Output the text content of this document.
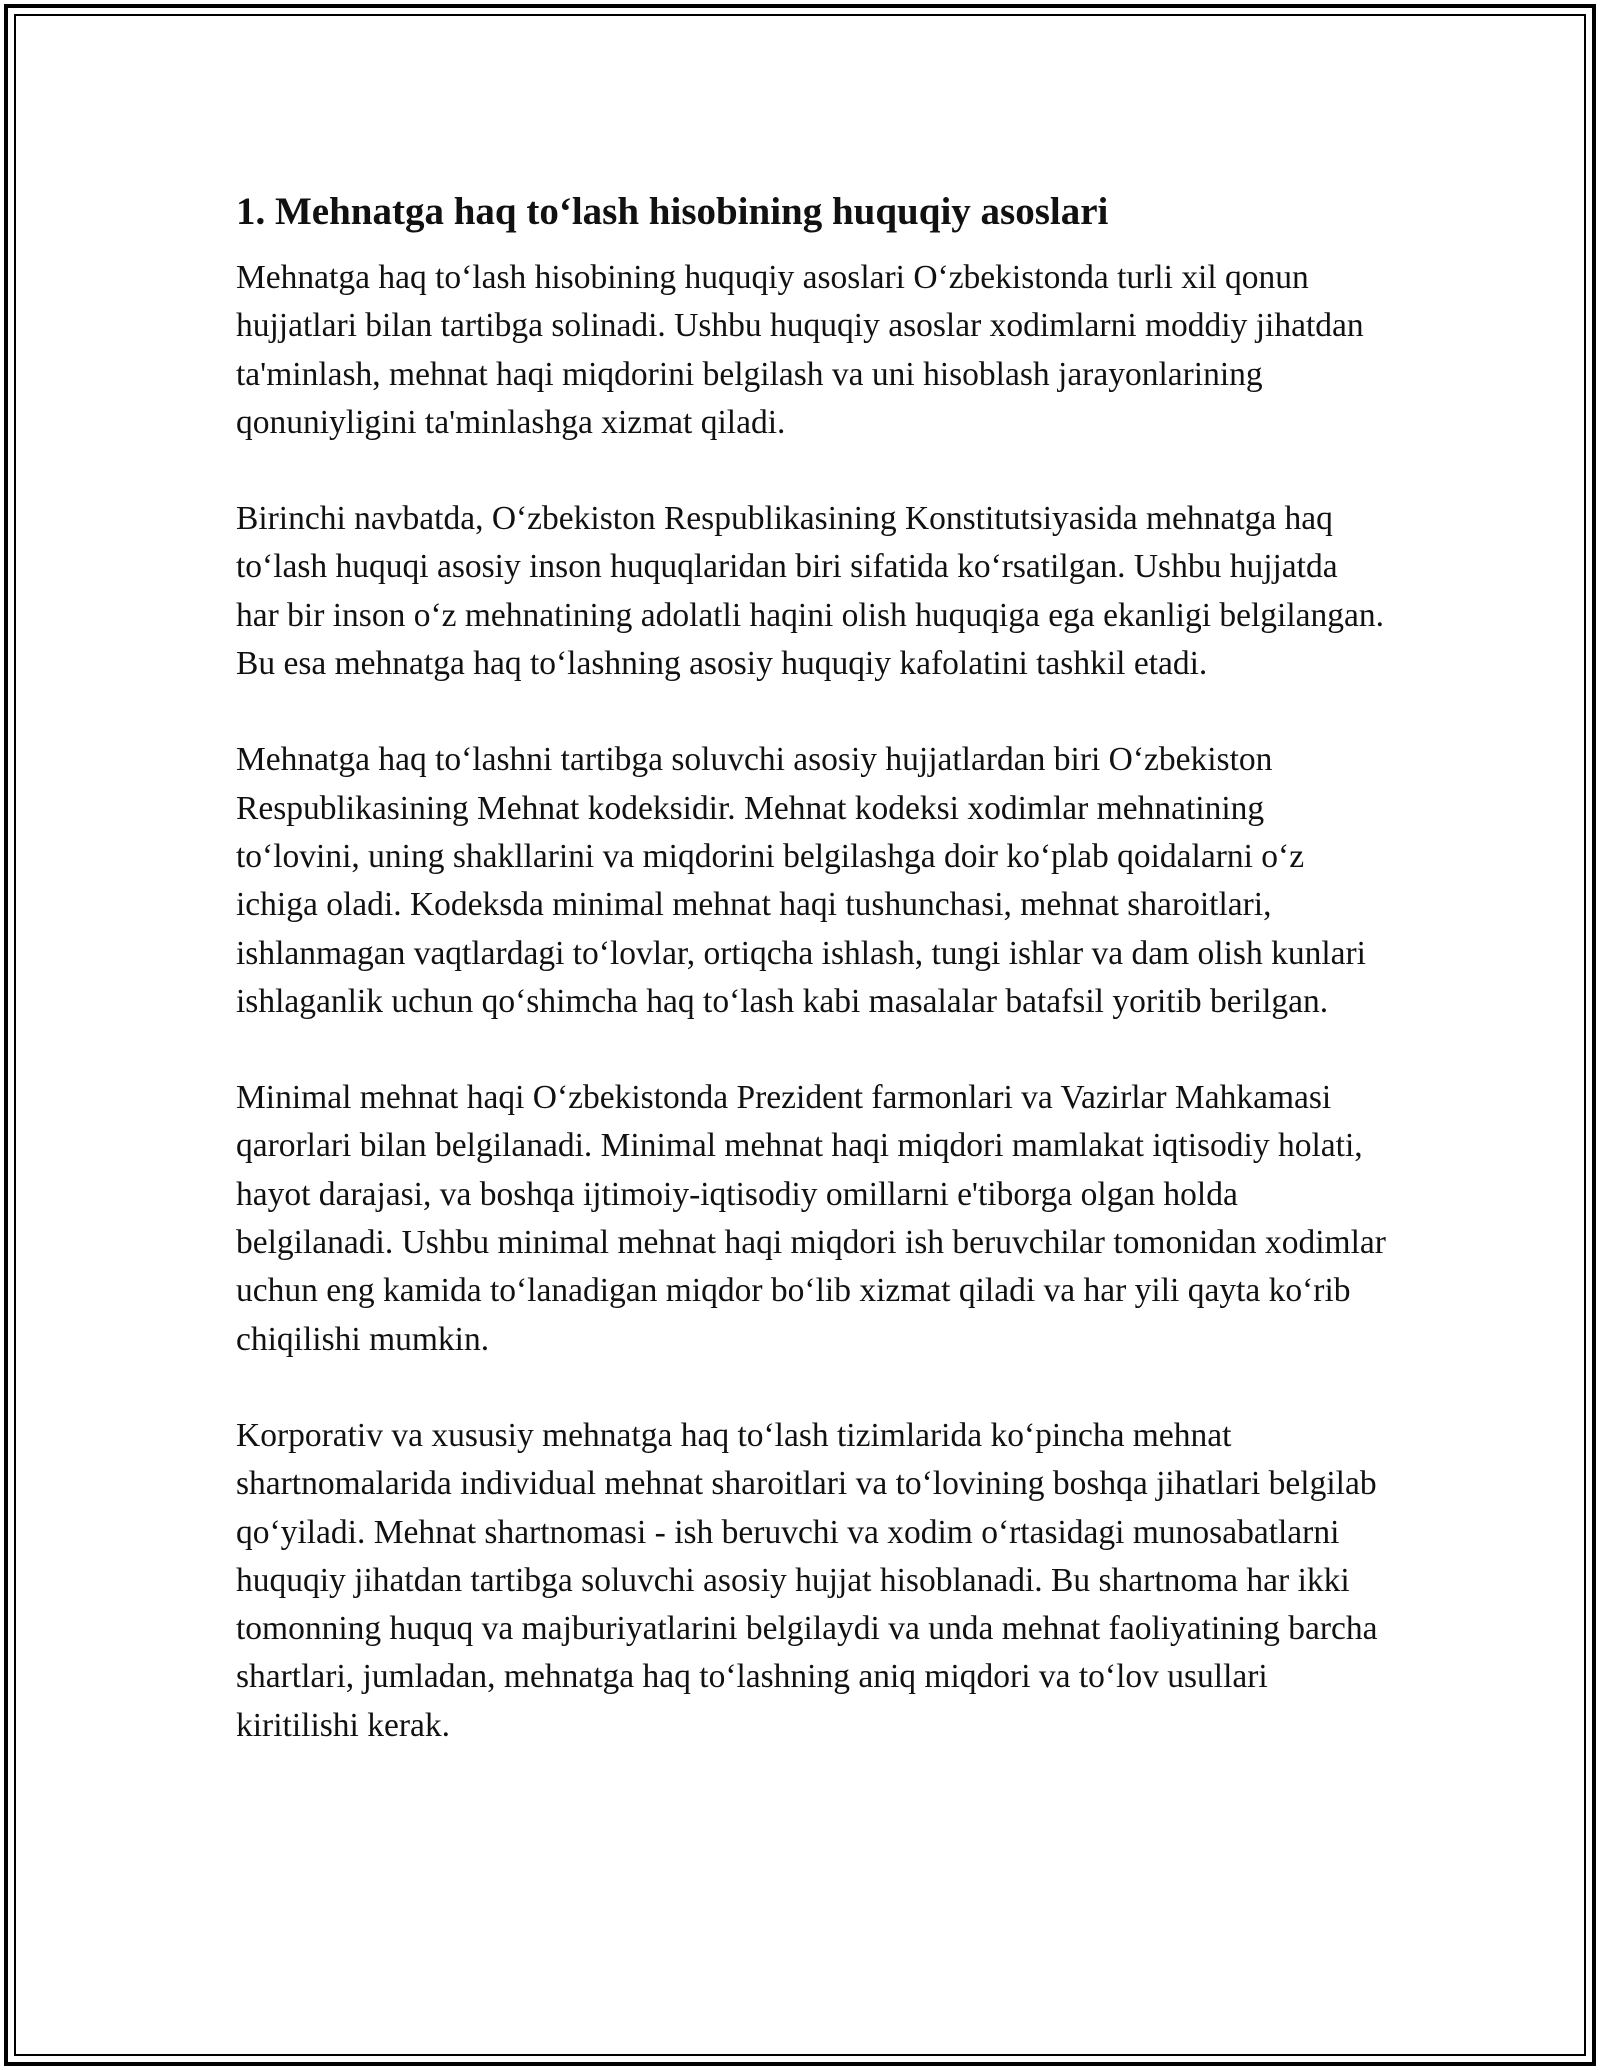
1. Mehnatga haq to‘lash hisobining huquqiy asoslari

Mehnatga haq to‘lash hisobining huquqiy asoslari O‘zbekistonda turli xil qonun hujjatlari bilan tartibga solinadi. Ushbu huquqiy asoslar xodimlarni moddiy jihatdan ta'minlash, mehnat haqi miqdorini belgilash va uni hisoblash jarayonlarining qonuniyligini ta'minlashga xizmat qiladi.

Birinchi navbatda, O‘zbekiston Respublikasining Konstitutsiyasida mehnatga haq to‘lash huquqi asosiy inson huquqlaridan biri sifatida ko‘rsatilgan. Ushbu hujjatda har bir inson o‘z mehnatining adolatli haqini olish huquqiga ega ekanligi belgilangan. Bu esa mehnatga haq to‘lashning asosiy huquqiy kafolatini tashkil etadi.

Mehnatga haq to‘lashni tartibga soluvchi asosiy hujjatlardan biri O‘zbekiston Respublikasining Mehnat kodeksidir. Mehnat kodeksi xodimlar mehnatining to‘lovini, uning shakllarini va miqdorini belgilashga doir ko‘plab qoidalarni o‘z ichiga oladi. Kodeksda minimal mehnat haqi tushunchasi, mehnat sharoitlari, ishlanmagan vaqtlardagi to‘lovlar, ortiqcha ishlash, tungi ishlar va dam olish kunlari ishlaganlik uchun qo‘shimcha haq to‘lash kabi masalalar batafsil yoritib berilgan.

Minimal mehnat haqi O‘zbekistonda Prezident farmonlari va Vazirlar Mahkamasi qarorlari bilan belgilanadi. Minimal mehnat haqi miqdori mamlakat iqtisodiy holati, hayot darajasi, va boshqa ijtimoiy-iqtisodiy omillarni e'tiborga olgan holda belgilanadi. Ushbu minimal mehnat haqi miqdori ish beruvchilar tomonidan xodimlar uchun eng kamida to‘lanadigan miqdor bo‘lib xizmat qiladi va har yili qayta ko‘rib chiqilishi mumkin.

Korporativ va xususiy mehnatga haq to‘lash tizimlarida ko‘pincha mehnat shartnomalarida individual mehnat sharoitlari va to‘lovining boshqa jihatlari belgilab qo‘yiladi. Mehnat shartnomasi - ish beruvchi va xodim o‘rtasidagi munosabatlarni huquqiy jihatdan tartibga soluvchi asosiy hujjat hisoblanadi. Bu shartnoma har ikki tomonning huquq va majburiyatlarini belgilaydi va unda mehnat faoliyatining barcha shartlari, jumladan, mehnatga haq to‘lashning aniq miqdori va to‘lov usullari kiritilishi kerak.
